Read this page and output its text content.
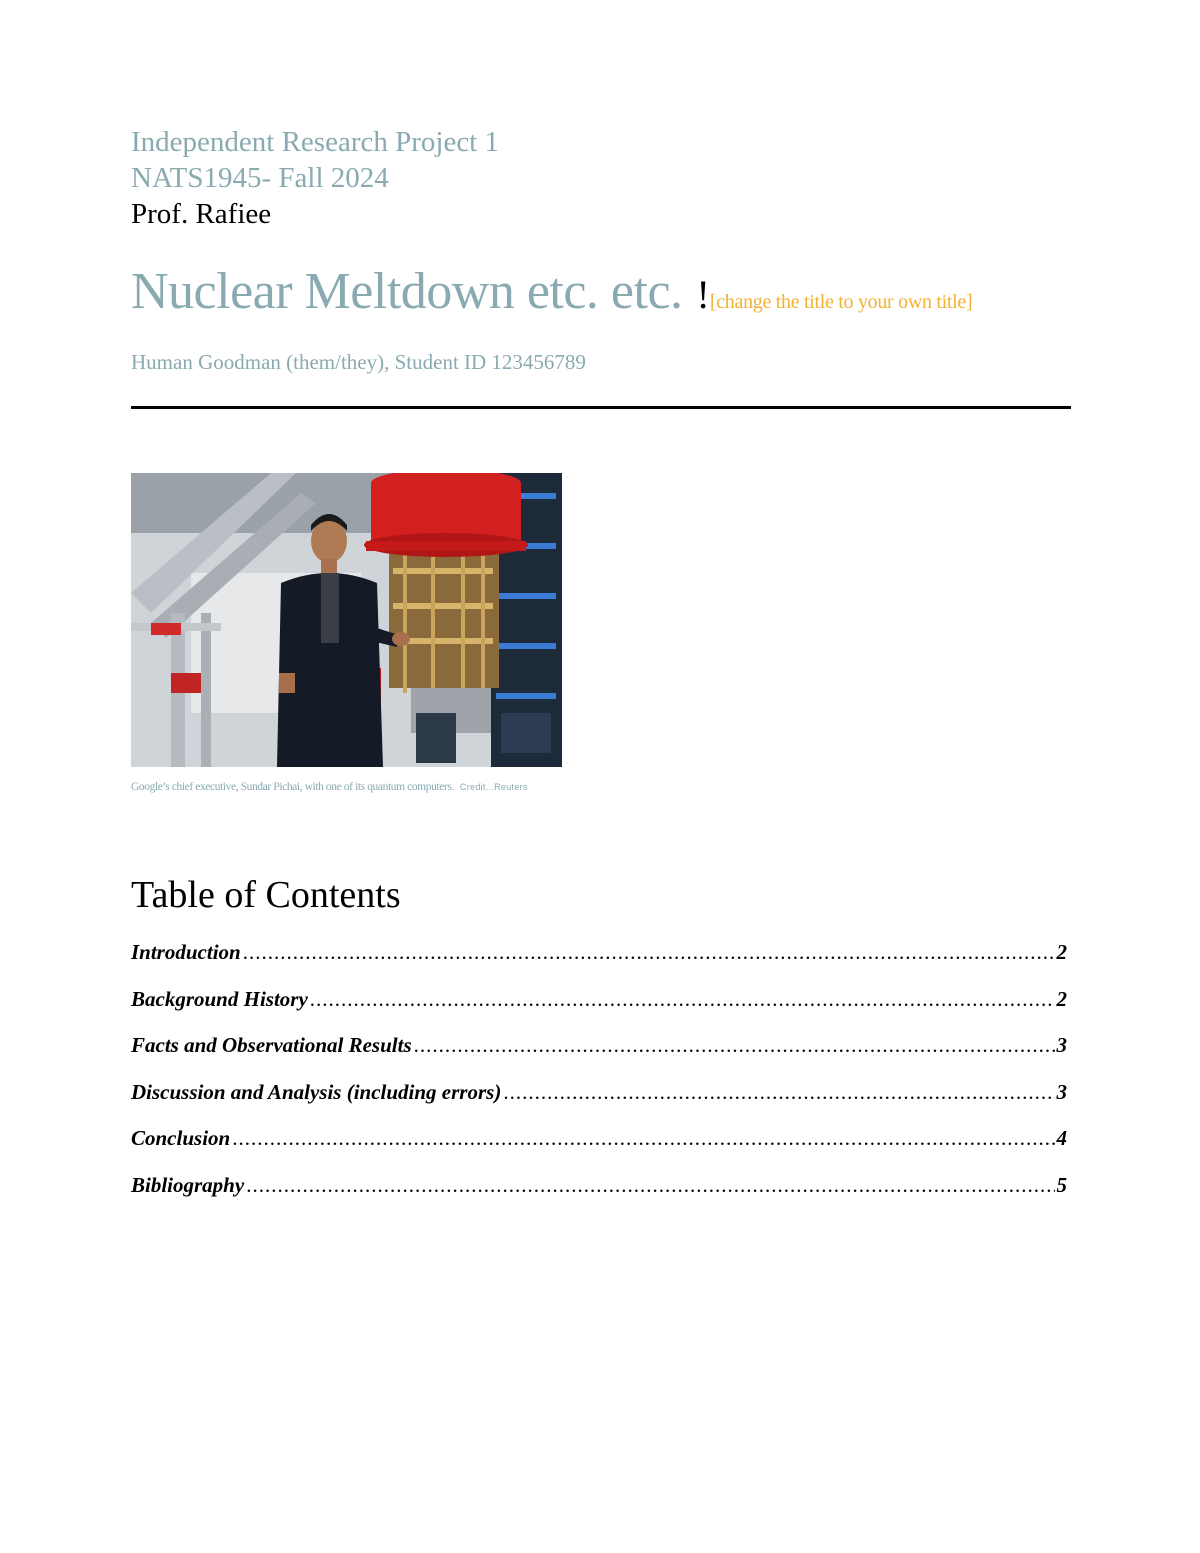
Independent Research Project 1
NATS1945- Fall 2024
Prof. Rafiee
Nuclear Meltdown etc. etc. ![change the title to your own title]
Human Goodman (them/they), Student ID 123456789
Google’s chief executive, Sundar Pichai, with one of its quantum computers. Credit...Reuters
Table of Contents
Introduction .....	2
Background History .....	2
Facts and Observational Results .....	3
Discussion and Analysis (including errors) .....	3
Conclusion .....	4
Bibliography .....	5
